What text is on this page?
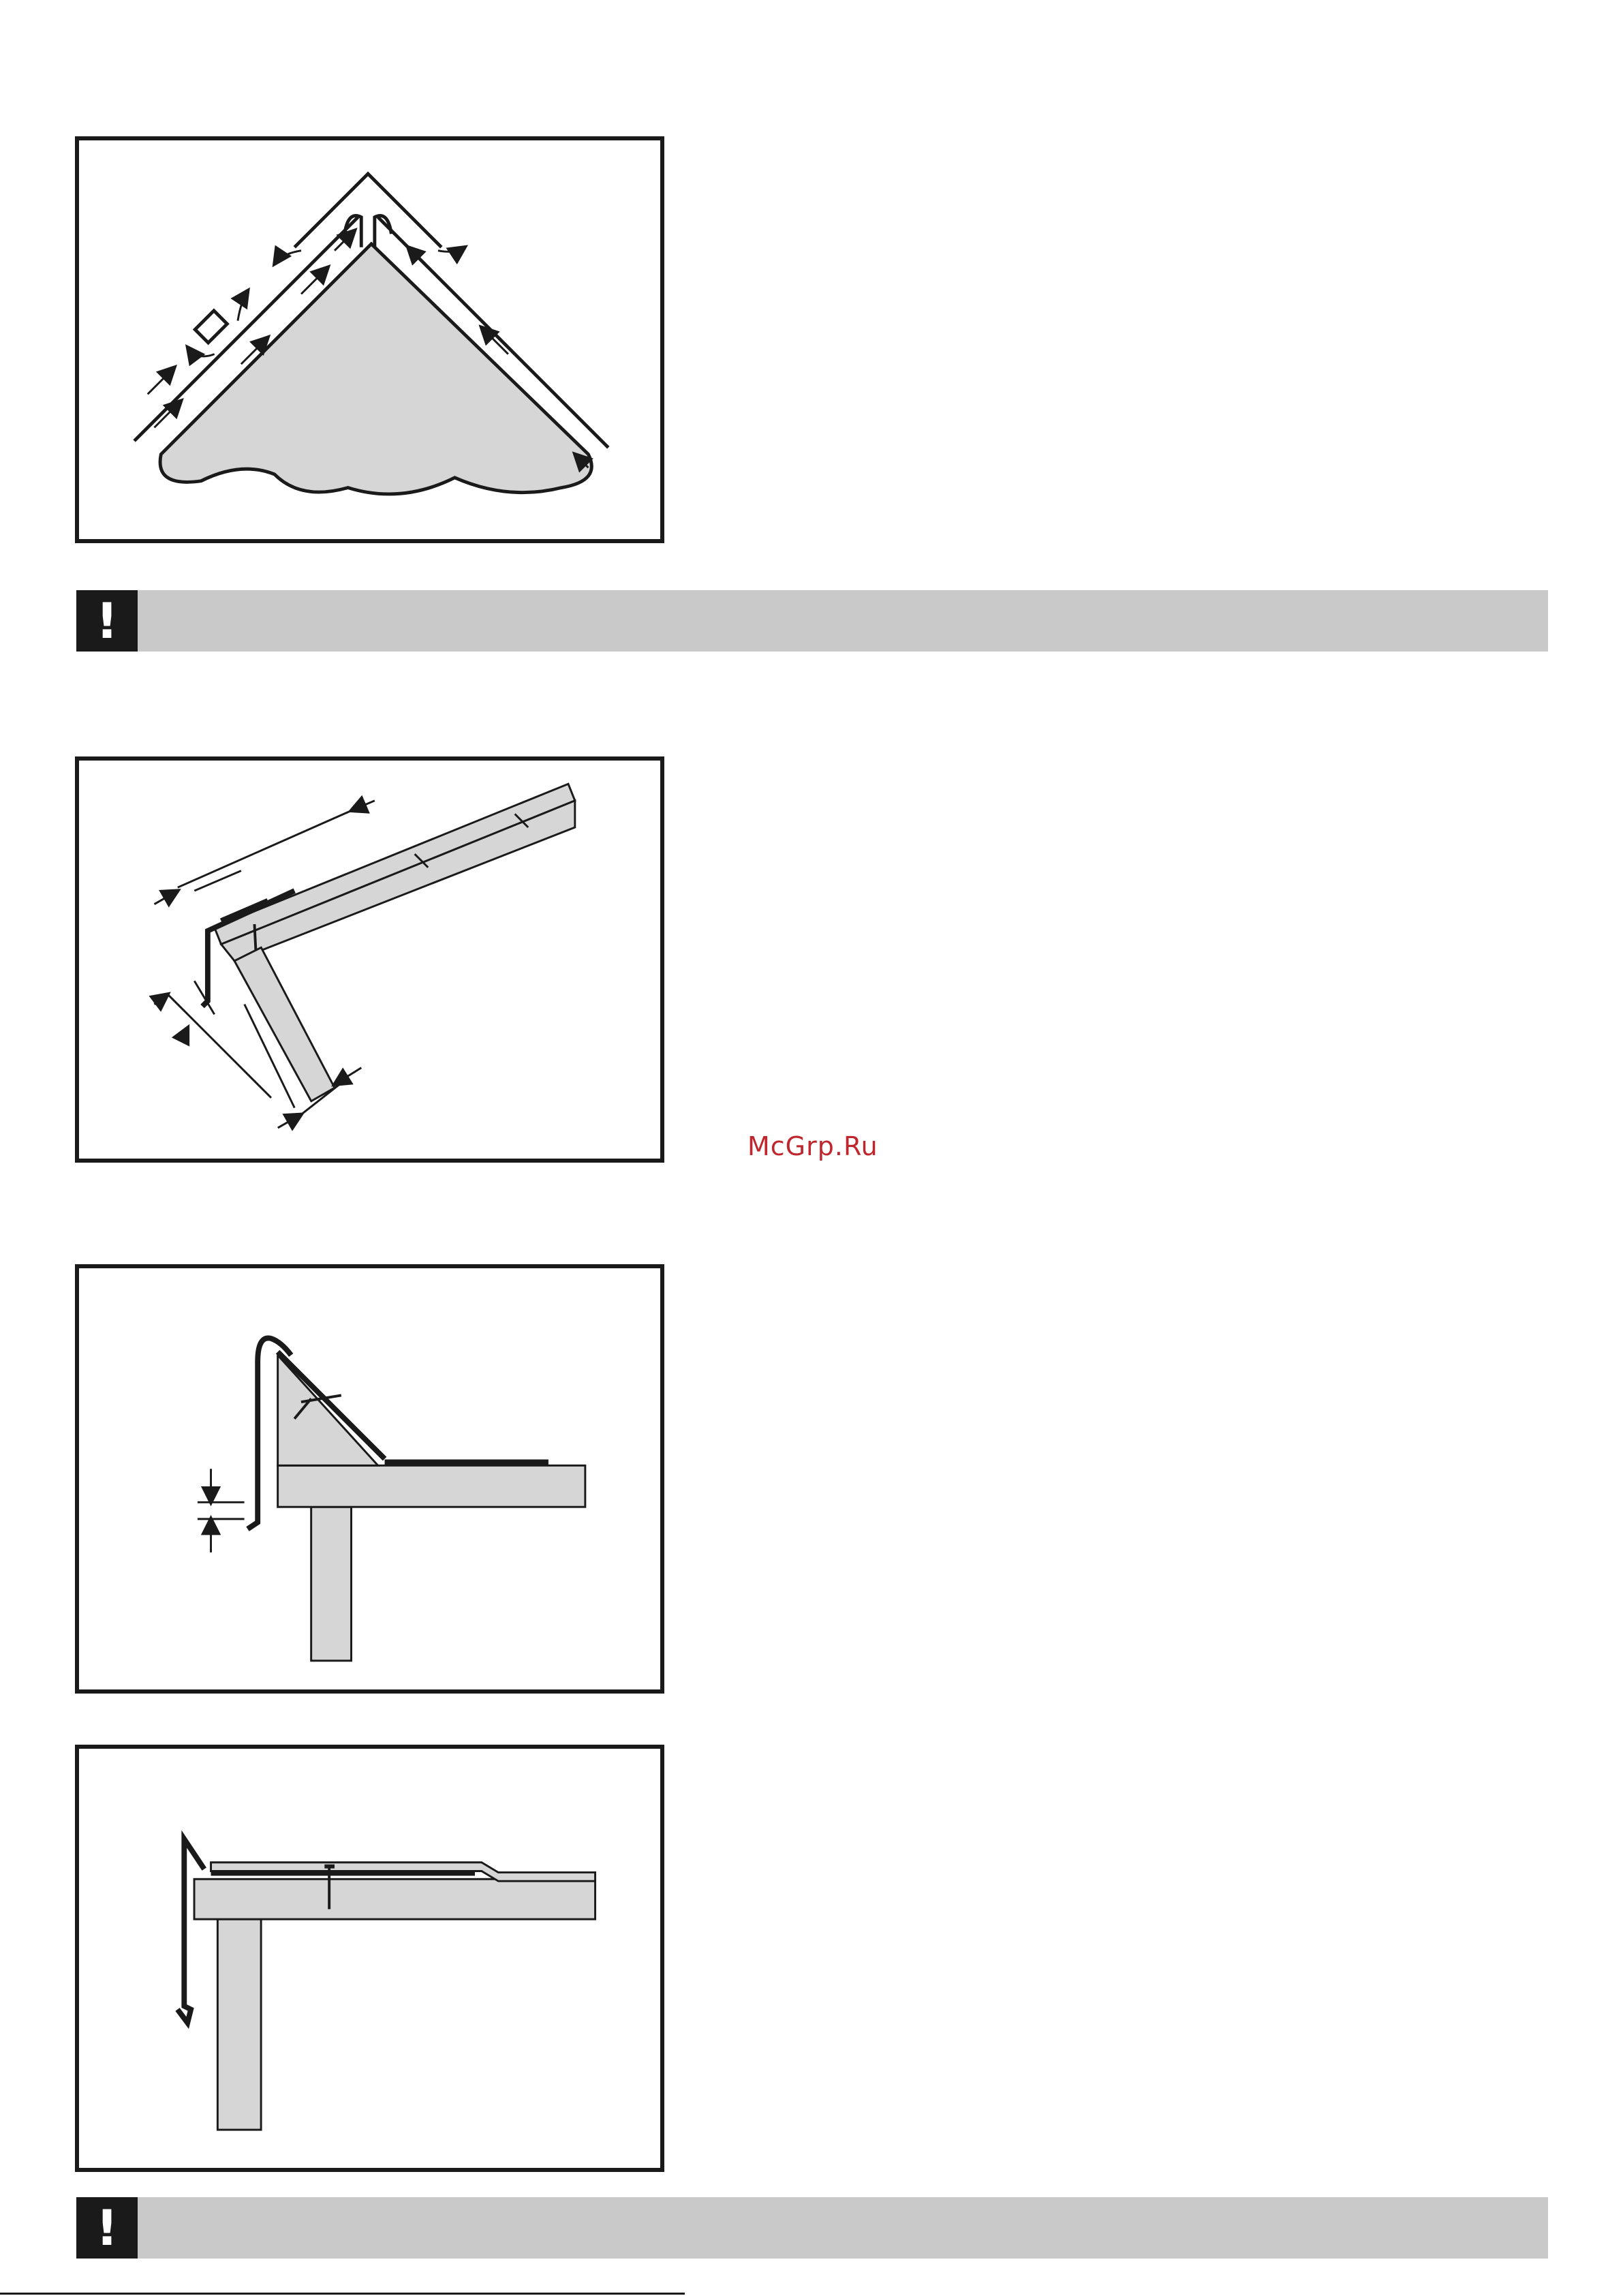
!
McGrp.Ru
!
